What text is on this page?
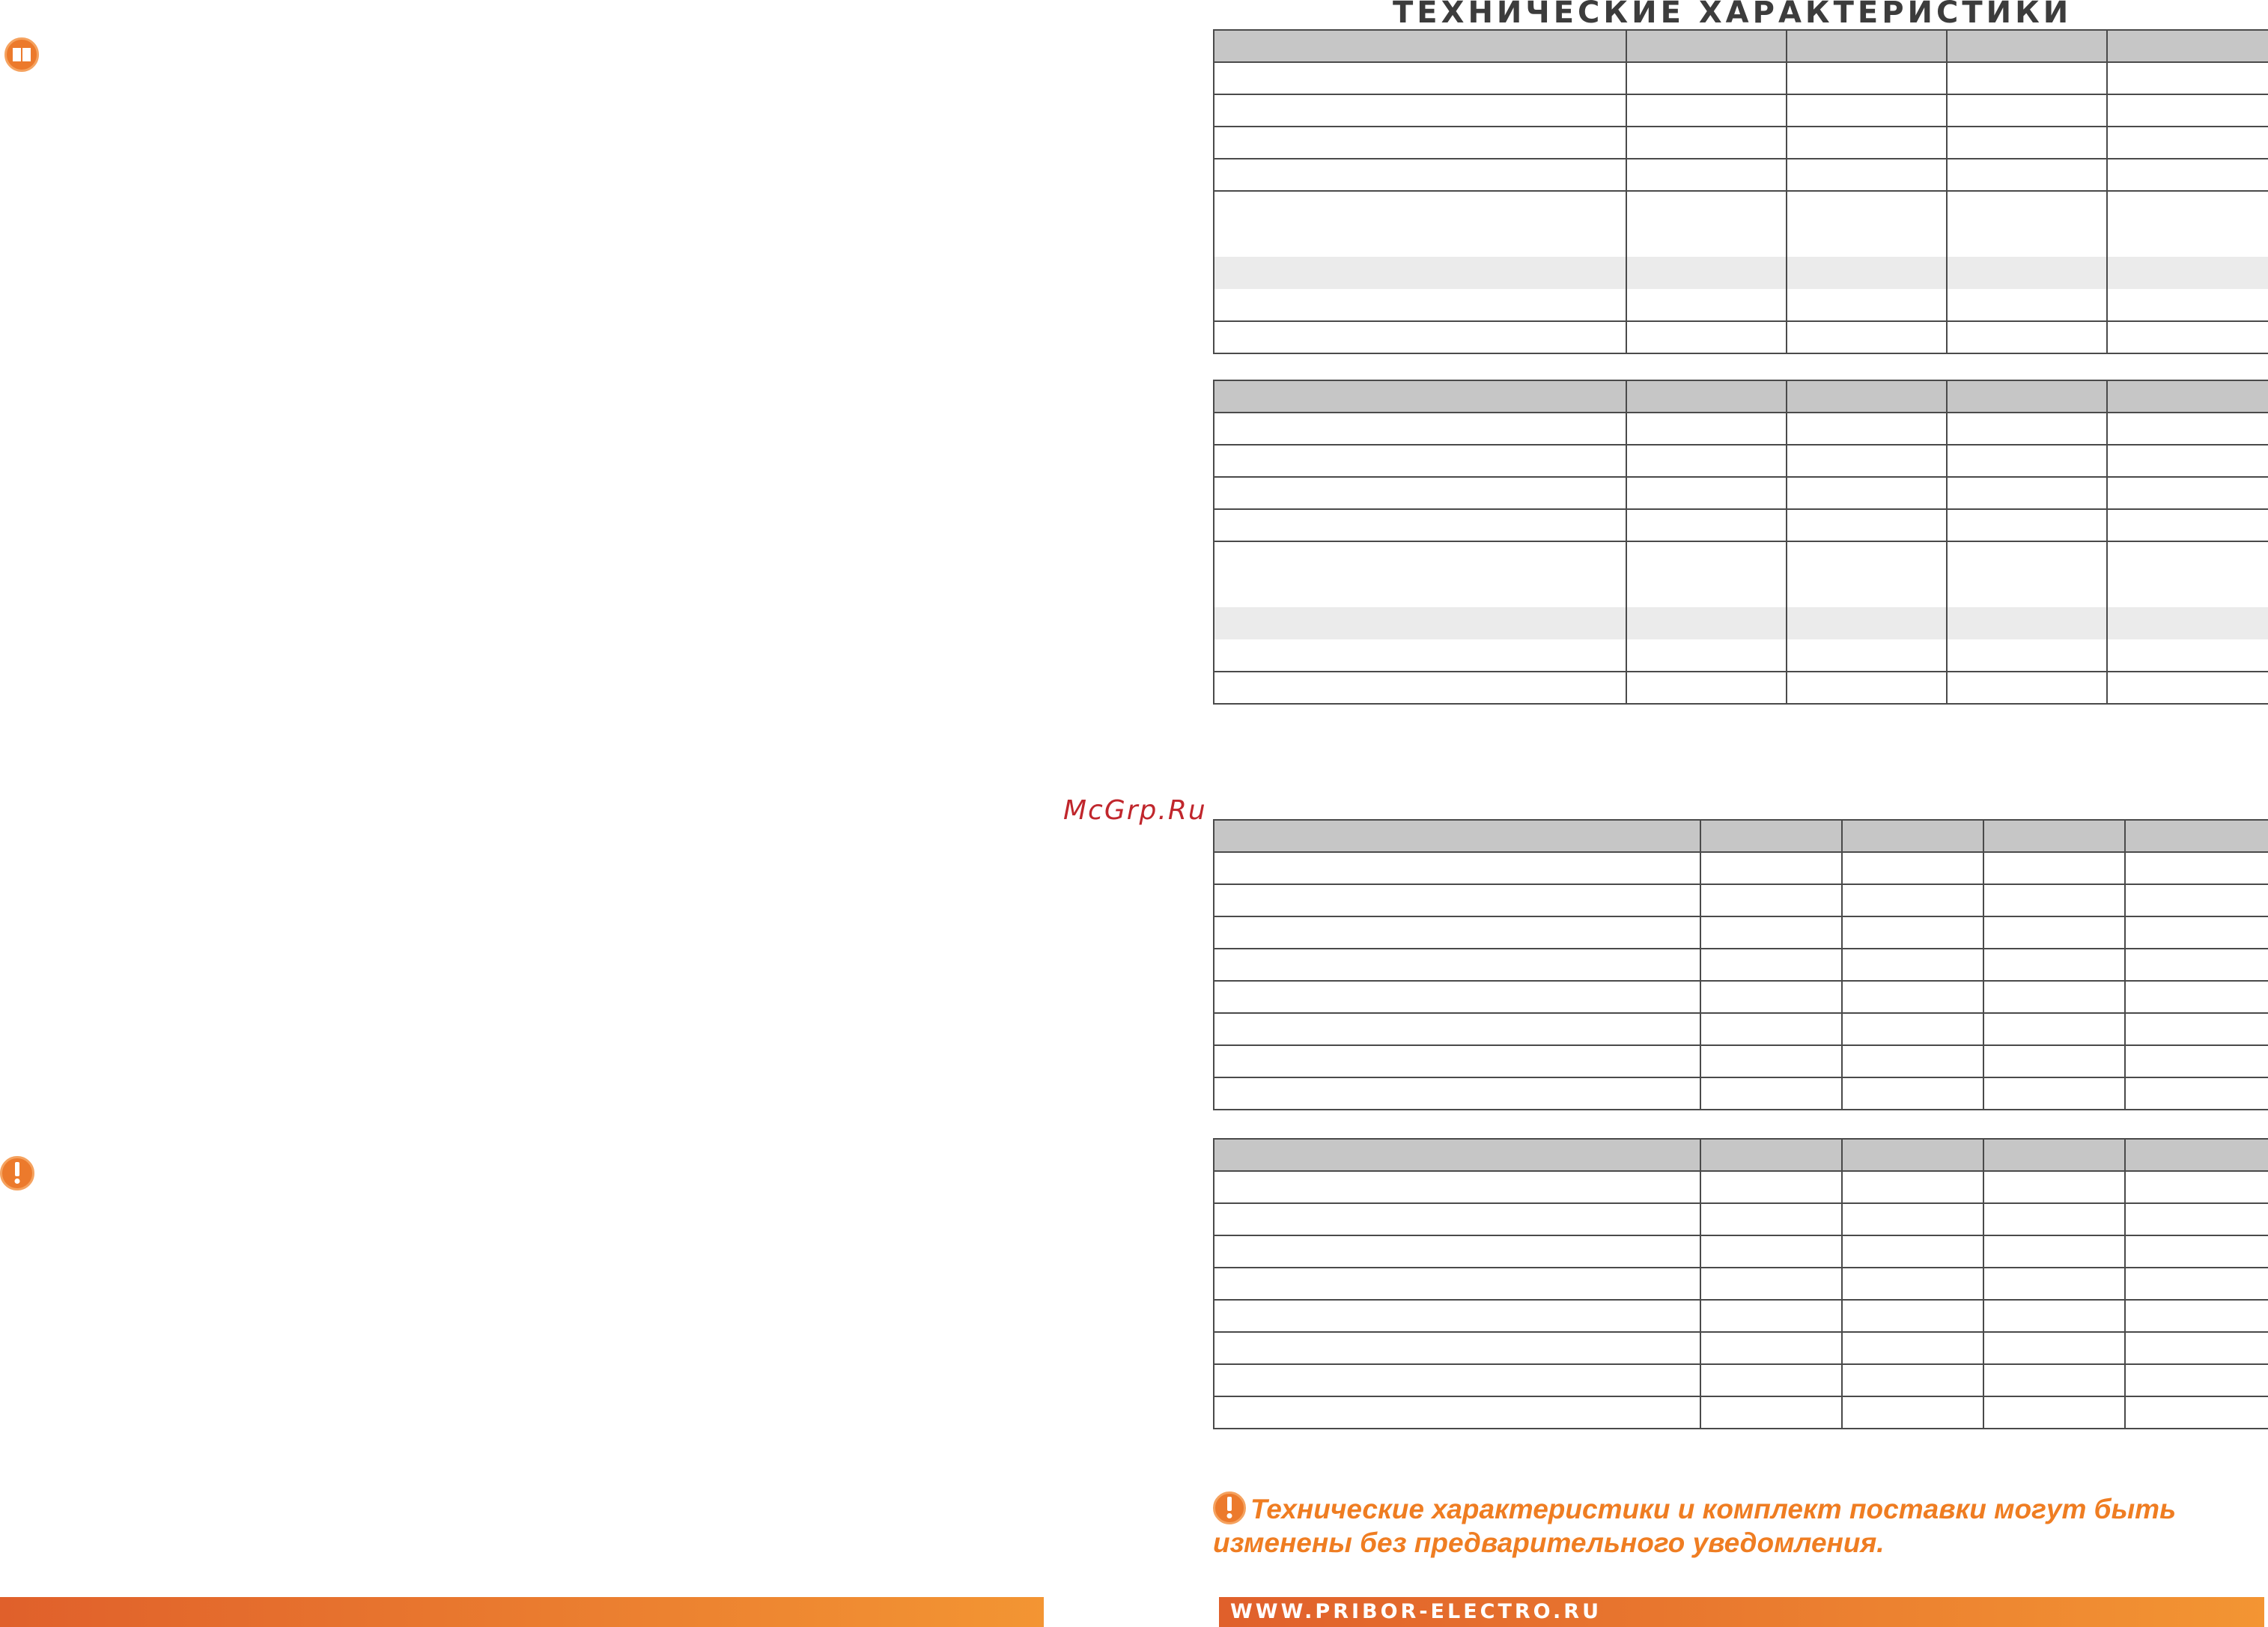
ТЕХНИЧЕСКИЕ ХАРАКТЕРИСТИКИ

McGrp.Ru

Технические характеристики и комплект поставки могут быть изменены без предварительного уведомления.
WWW.PRIBOR-ELECTRO.RU
